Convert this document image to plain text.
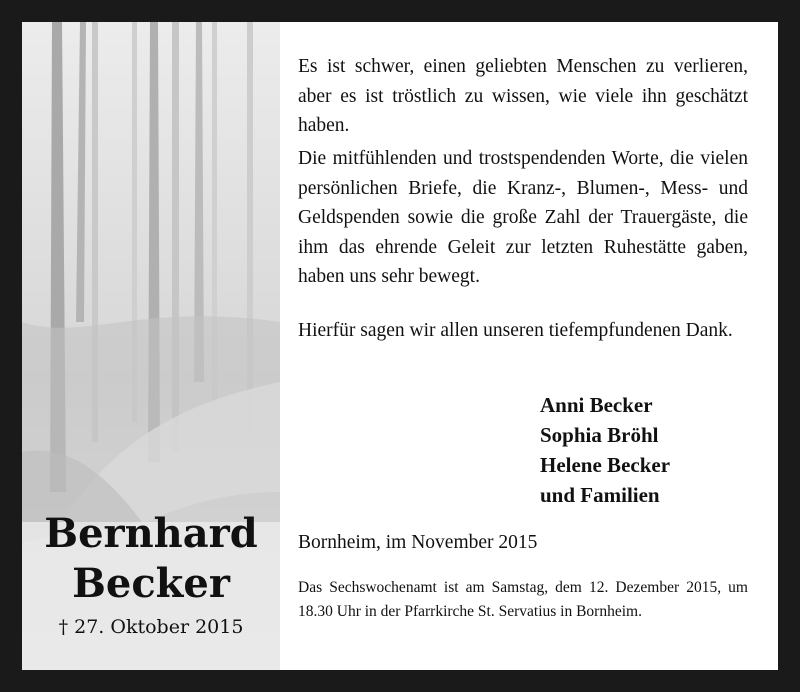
Bernhard
Becker
† 27. Oktober 2015
Es ist schwer, einen geliebten Menschen zu verlieren, aber es ist tröstlich zu wissen, wie viele ihn geschätzt haben.
Die mitfühlenden und trostspendenden Worte, die vielen persönlichen Briefe, die Kranz-, Blumen-, Mess- und Geldspenden sowie die große Zahl der Trauergäste, die ihm das ehrende Geleit zur letzten Ruhestätte gaben, haben uns sehr bewegt.
Hierfür sagen wir allen unseren tiefempfundenen Dank.
Anni Becker
Sophia Bröhl
Helene Becker
und Familien
Bornheim, im November 2015
Das Sechswochenamt ist am Samstag, dem 12. Dezember 2015, um 18.30 Uhr in der Pfarrkirche St. Servatius in Bornheim.
